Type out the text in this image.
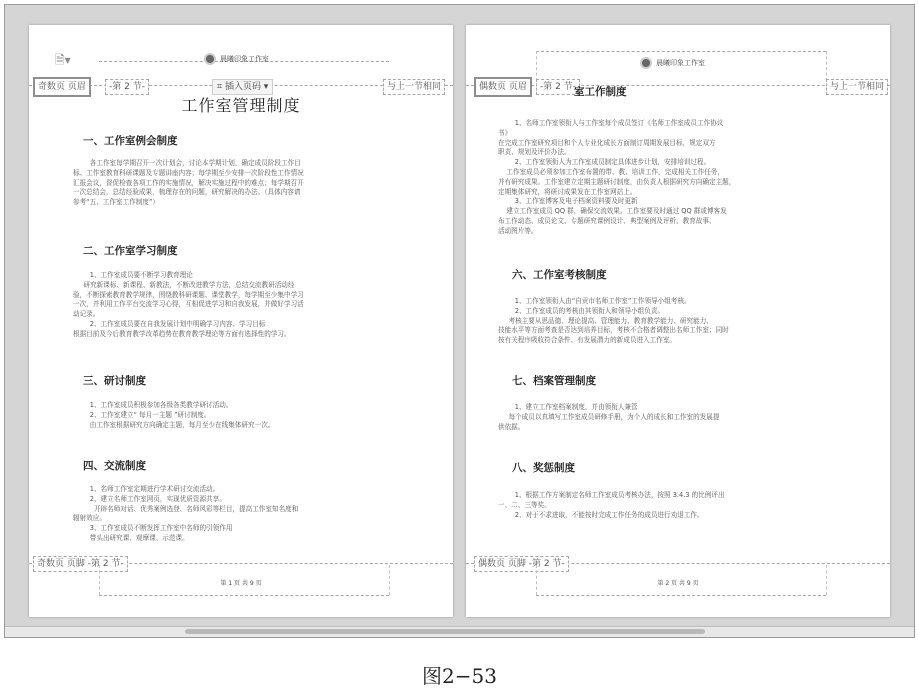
🗎▾	晨曦印象工作室
奇数页 页眉	-第 2 节-	⌗ 插入页码 ▾	与上一节相同
工作室管理制度
一、工作室例会制度
各工作室每学期召开一次计划会，讨论本学期计划，确定成员阶段工作目
标、工作室教育科研课题及专题讲座内容；每学期至少安排一次阶段性工作情况
汇报会议，督促检查各项工作的实施情况，解决实施过程中的难点；每学期召开
一次总结会，总结经验成果，梳理存在的问题，研究解决的办法。（具体内容请
参考“五、工作室工作制度”）
二、工作室学习制度
1、工作室成员要不断学习教育理论
研究新课标、新课程、新教法，不断改进教学方法，总结交流教研活动经
验，不断探索教育教学规律，围绕教科研课题、课堂教学，每学期至少集中学习
一次，并利用工作平台交流学习心得，互相促进学习和自我发展，并做好学习活
动记录。
2、工作室成员要在自我发展计划中明确学习内容、学习目标
根据目前及今后教育教学改革趋势在教育教学理论等方面有选择性的学习。
三、研讨制度
1、工作室成员积极参加各级各类教学研讨活动。
2、工作室建立“ 每月一主题 ”研讨制度。
由工作室根据研究方向确定主题，每月至少在线集体研究一次。
四、交流制度
1、名师工作室定期进行学术研讨交流活动。
2、建立名师工作室网页，实现优质资源共享。
开辟名师对话、优秀案例选登、名师风彩等栏目，提高工作室知名度和
辐射效应。
3、工作室成员不断发挥工作室中名师的引领作用
带头出研究课、观摩课、示范课。
奇数页 页脚 -第 2 节-
第 1 页 共 9 页
晨曦印象工作室
偶数页 页眉	-第 2 节-	与上一节相同
室工作制度
1、名师工作室领衔人与工作室每个成员签订《名师工作室成员工作协议
书》
在完成工作室研究项目和个人专业化成长方面制订周期发展目标，规定双方
职责、规划及评价办法。
2、工作室领衔人为工作室成员制定具体进步计划，安排培训过程。
工作室成员必须参加工作室布置的带、教、培训工作，完成相关工作任务，
并有研究成果。工作室建立定期主题研讨制度，由负责人根据研究方向确定主题，
定期集体研究，将研讨成果发在工作室网站上。
3、工作室博客及电子档案资料要及时更新
建立工作室成员 QQ 群，确保交流效果。工作室要及时通过 QQ 群或博客发
布工作动态、成员论文、专题研究课例设计、典型案例及评析、教育故事、
活动图片等。
六、工作室考核制度
1、工作室领衔人由“自贡市名师工作室”工作领导小组考核。
2、工作室成员的考核由其领衔人和领导小组负责。
考核主要从思品德、理论提高、管理能力、教育教学能力、研究能力、
技能水平等方面考查是否达到培养目标，考核不合格者调整出名师工作室；同时
按有关程序吸收符合条件、有发展潜力的新成员进入工作室。
七、档案管理制度
1、建立工作室档案制度，并由领衔人兼管
每个成员以真填写工作室成员研修手册，为个人的成长和工作室的发展提
供依据。
八、奖惩制度
1、根据工作方案制定名师工作室成员考核办法，按照 3.4.3 的比例评出
一、二、三等奖。
2、对于不求进取，不能按时完成工作任务的成员进行劝退工作。
偶数页 页脚 -第 2 节-
第 2 页 共 9 页
图2−53
